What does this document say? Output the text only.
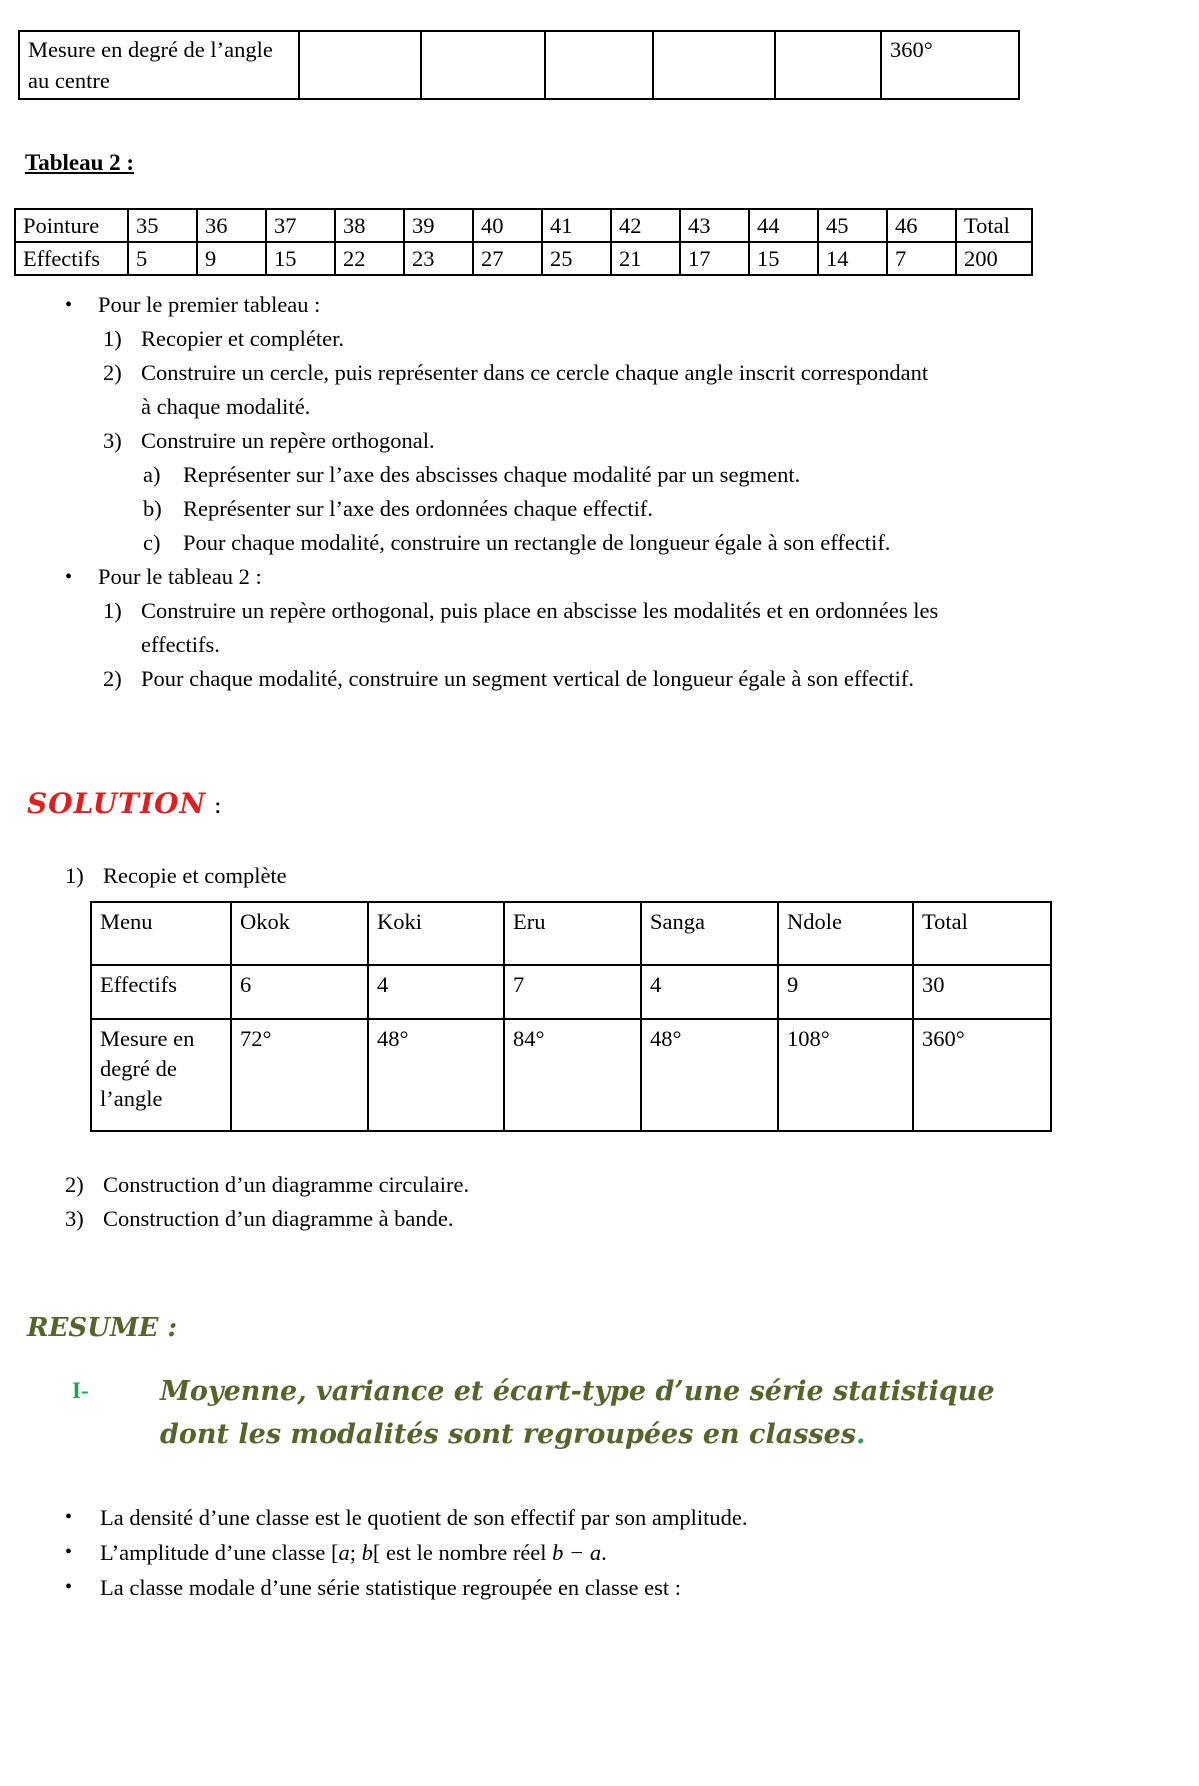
Mesure en degré de l’angle au centre						360°
Tableau 2 :
Pointure	35	36	37	38	39	40	41	42	43	44	45	46	Total
Effectifs	5	9	15	22	23	27	25	21	17	15	14	7	200
•	Pour le premier tableau :
1) Recopier et compléter.
2) Construire un cercle, puis représenter dans ce cercle chaque angle inscrit correspondant à chaque modalité.
3) Construire un repère orthogonal.
a)	Représenter sur l’axe des abscisses chaque modalité par un segment.
b) Représenter sur l’axe des ordonnées chaque effectif.
c)	Pour chaque modalité, construire un rectangle de longueur égale à son effectif.
•	Pour le tableau 2 :
1) Construire un repère orthogonal, puis place en abscisse les modalités et en ordonnées les effectifs.
2) Pour chaque modalité, construire un segment vertical de longueur égale à son effectif.
SOLUTION :
1) Recopie et complète
Menu	Okok	Koki	Eru	Sanga	Ndole	Total
Effectifs	6	4	7	4	9	30
Mesure en degré de l’angle	72°	48°	84°	48°	108°	360°
2) Construction d’un diagramme circulaire.
3) Construction d’un diagramme à bande.
RESUME :
I-	Moyenne, variance et écart-type d’une série statistique dont les modalités sont regroupées en classes.
•	La densité d’une classe est le quotient de son effectif par son amplitude.
•	L’amplitude d’une classe [a; b[ est le nombre réel b − a.
•	La classe modale d’une série statistique regroupée en classe est :
